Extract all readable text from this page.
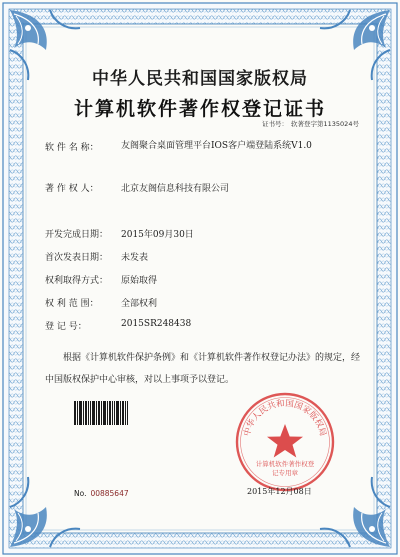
中华人民共和国国家版权局
计算机软件著作权登记证书
证书号： 软著登字第1135024号
软 件 名 称： 友阁聚合桌面管理平台IOS客户端登陆系统V1.0
著 作 权 人： 北京友阁信息科技有限公司
开发完成日期： 2015年09月30日
首次发表日期： 未发表
权利取得方式： 原始取得
权 利 范 围： 全部权利
登 记 号：	2015SR248438
根据《计算机软件保护条例》和《计算机软件著作权登记办法》的规定，经中国版权保护中心审核，对以上事项予以登记。
中华人民共和国国家版权局
计算机软件著作权登记专用章
No. 00885647	2015年12月08日
